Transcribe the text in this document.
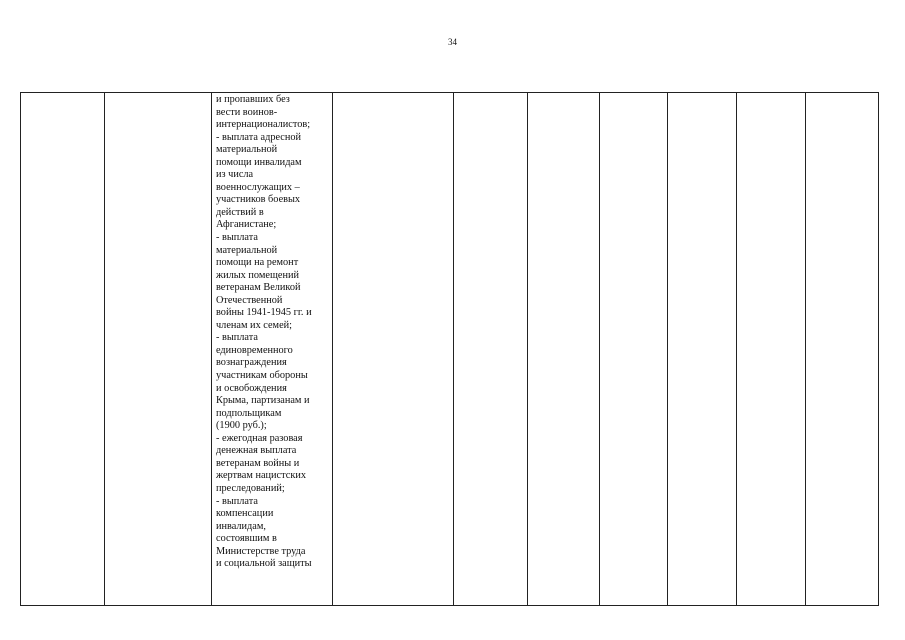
34

и пропавших без
вести воинов-
интернационалистов;
- выплата адресной
материальной
помощи инвалидам
из числа
военнослужащих –
участников боевых
действий в
Афганистане;
- выплата
материальной
помощи на ремонт
жилых помещений
ветеранам Великой
Отечественной
войны 1941-1945 гг. и
членам их семей;
- выплата
единовременного
вознаграждения
участникам обороны
и освобождения
Крыма, партизанам и
подпольщикам
(1900 руб.);
- ежегодная разовая
денежная выплата
ветеранам войны и
жертвам нацистских
преследований;
- выплата
компенсации
инвалидам,
состоявшим в
Министерстве труда
и социальной защиты
